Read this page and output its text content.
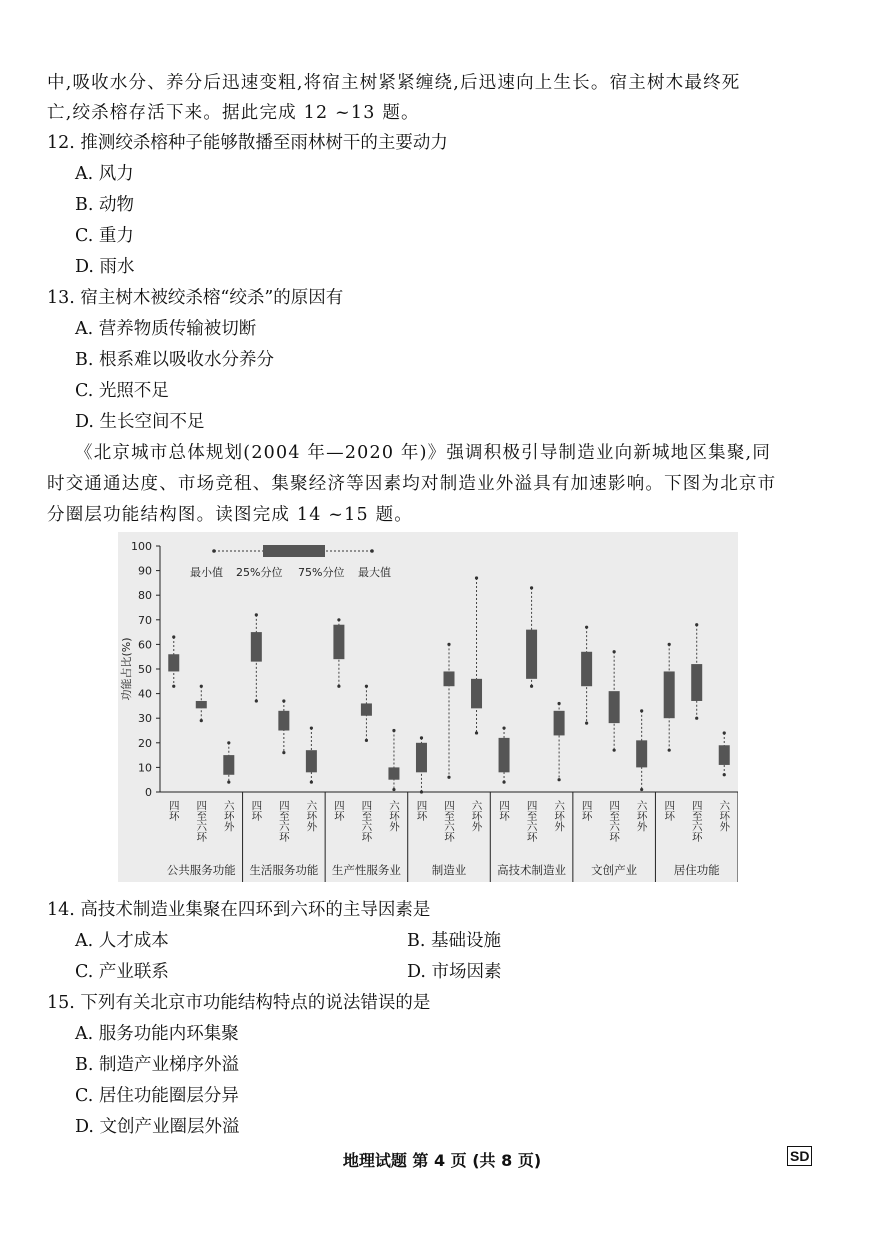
中,吸收水分、养分后迅速变粗,将宿主树紧紧缠绕,后迅速向上生长。宿主树木最终死
亡,绞杀榕存活下来。据此完成 12 ~13 题。
12. 推测绞杀榕种子能够散播至雨林树干的主要动力
A. 风力
B. 动物
C. 重力
D. 雨水
13. 宿主树木被绞杀榕“绞杀”的原因有
A. 营养物质传输被切断
B. 根系难以吸收水分养分
C. 光照不足
D. 生长空间不足
《北京城市总体规划(2004 年—2020 年)》强调积极引导制造业向新城地区集聚,同
时交通通达度、市场竞租、集聚经济等因素均对制造业外溢具有加速影响。下图为北京市
分圈层功能结构图。读图完成 14 ~15 题。
0
10
20
30
40
50
60
70
80
90
100
功能占比(%)
最小值 25%分位 75%分位 最大值
四环 四至六环 六环外 四环 四至六环 六环外 四环 四至六环 六环外 四环 四至六环 六环外 四环 四至六环 六环外 四环 四至六环 六环外 四环 四至六环 六环外
公共服务功能 生活服务功能 生产性服务业	制造业	高技术制造业 文创产业	居住功能
14. 高技术制造业集聚在四环到六环的主导因素是
A. 人才成本	B. 基础设施
C. 产业联系	D. 市场因素
15. 下列有关北京市功能结构特点的说法错误的是
A. 服务功能内环集聚
B. 制造产业梯序外溢
C. 居住功能圈层分异
D. 文创产业圈层外溢
地理试题 第 4 页 (共 8 页)	SD
